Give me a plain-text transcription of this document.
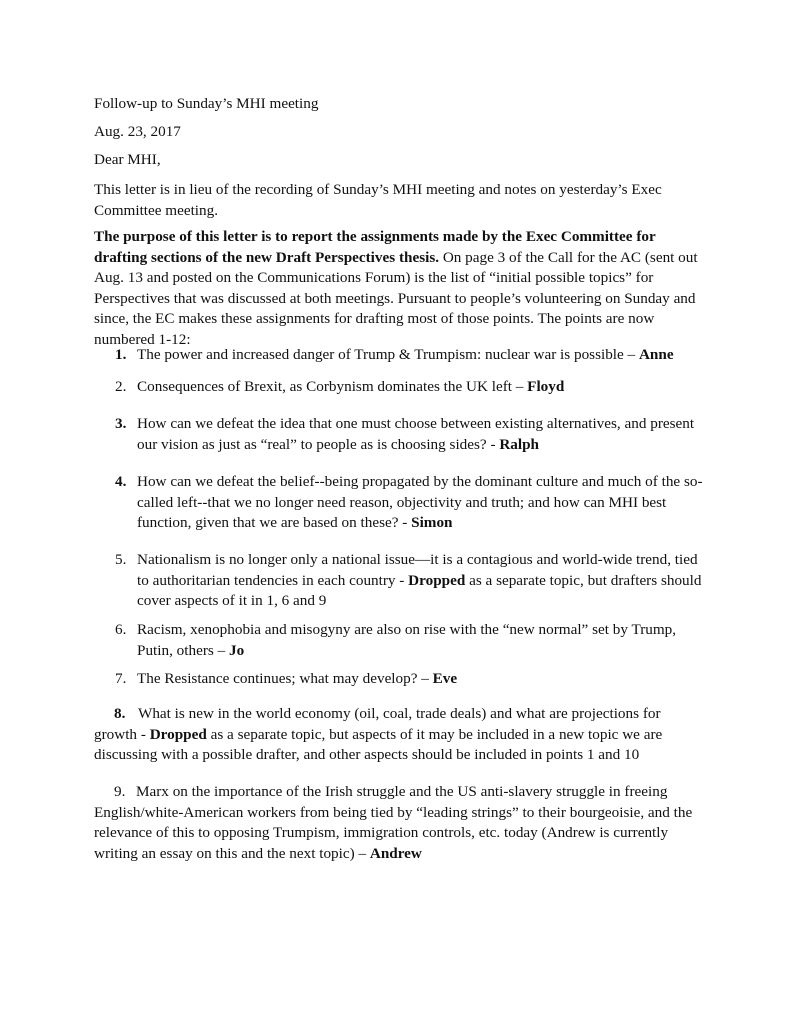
Follow-up to Sunday’s MHI meeting

Aug. 23, 2017

Dear MHI,

This letter is in lieu of the recording of Sunday’s MHI meeting and notes on yesterday’s Exec Committee meeting.

The purpose of this letter is to report the assignments made by the Exec Committee for drafting sections of the new Draft Perspectives thesis. On page 3 of the Call for the AC (sent out Aug. 13 and posted on the Communications Forum) is the list of “initial possible topics” for Perspectives that was discussed at both meetings. Pursuant to people’s volunteering on Sunday and since, the EC makes these assignments for drafting most of those points. The points are now numbered 1-12:

1. The power and increased danger of Trump & Trumpism: nuclear war is possible – Anne

2. Consequences of Brexit, as Corbynism dominates the UK left – Floyd

3. How can we defeat the idea that one must choose between existing alternatives, and present our vision as just as “real” to people as is choosing sides? - Ralph

4. How can we defeat the belief--being propagated by the dominant culture and much of the so-called left--that we no longer need reason, objectivity and truth; and how can MHI best function, given that we are based on these? - Simon

5. Nationalism is no longer only a national issue—it is a contagious and world-wide trend, tied to authoritarian tendencies in each country - Dropped as a separate topic, but drafters should cover aspects of it in 1, 6 and 9

6. Racism, xenophobia and misogyny are also on rise with the “new normal” set by Trump, Putin, others – Jo

7. The Resistance continues; what may develop? – Eve

8. What is new in the world economy (oil, coal, trade deals) and what are projections for growth - Dropped as a separate topic, but aspects of it may be included in a new topic we are discussing with a possible drafter, and other aspects should be included in points 1 and 10

9. Marx on the importance of the Irish struggle and the US anti-slavery struggle in freeing English/white-American workers from being tied by “leading strings” to their bourgeoisie, and the relevance of this to opposing Trumpism, immigration controls, etc. today (Andrew is currently writing an essay on this and the next topic) – Andrew
